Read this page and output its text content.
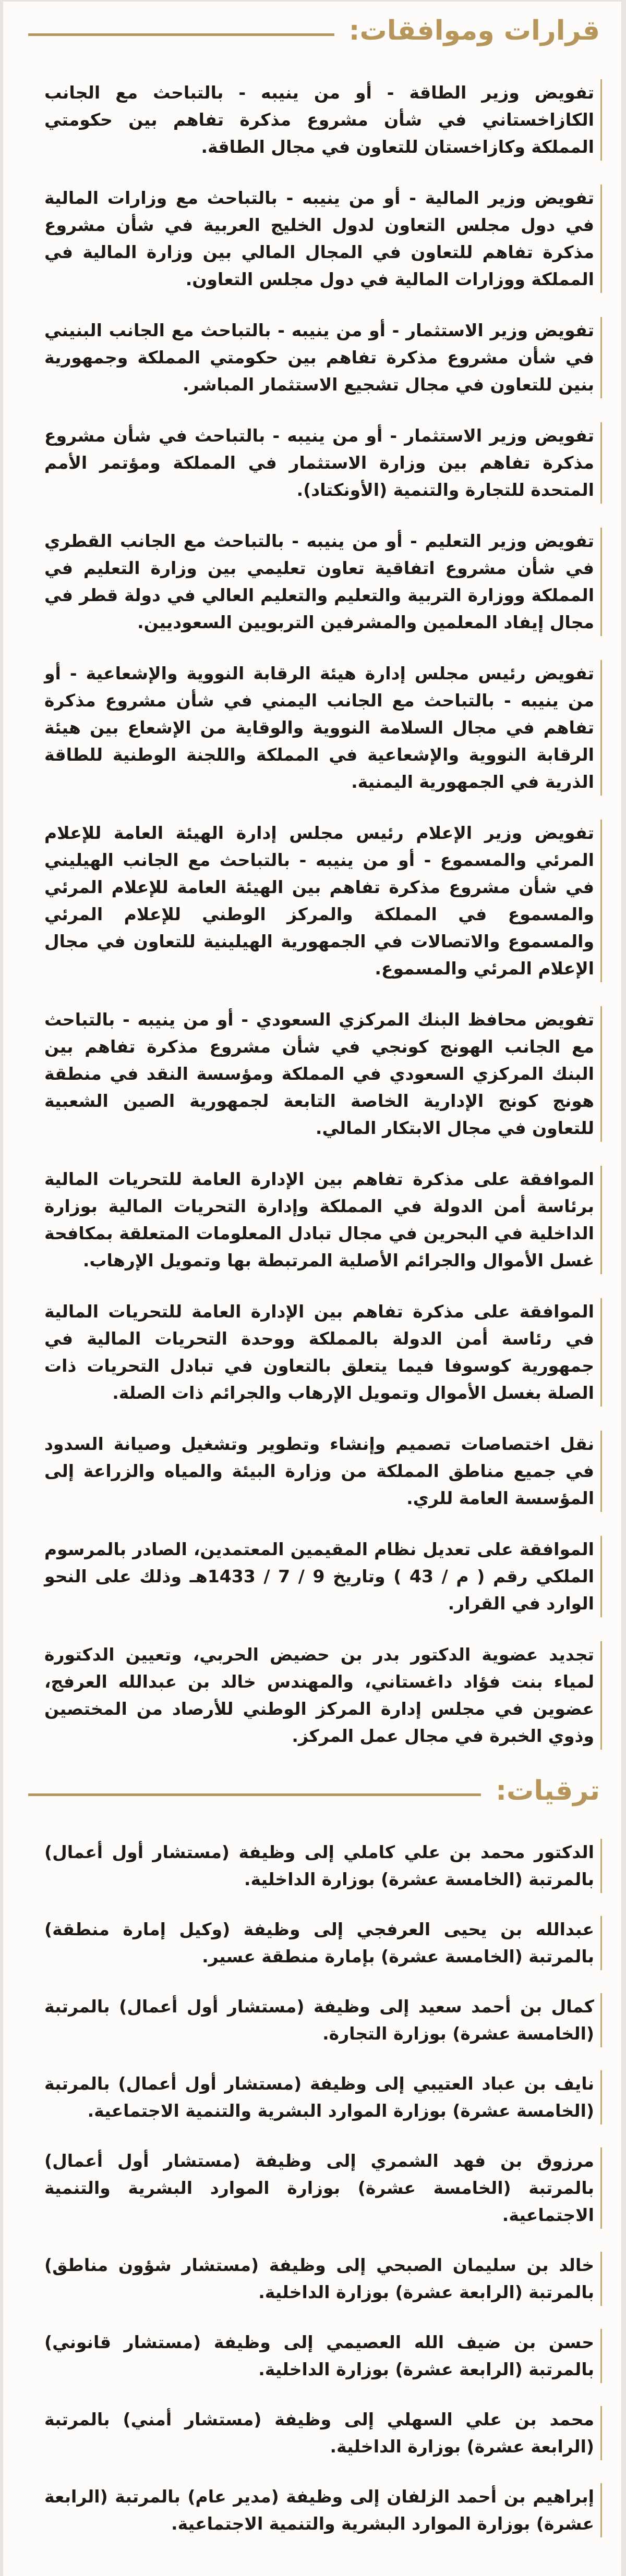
قرارات وموافقات:

تفويض وزير الطاقة - أو من ينيبه - بالتباحث مع الجانب الكازاخستاني في شأن مشروع مذكرة تفاهم بين حكومتي المملكة وكازاخستان للتعاون في مجال الطاقة.

تفويض وزير المالية - أو من ينيبه - بالتباحث مع وزارات المالية في دول مجلس التعاون لدول الخليج العربية في شأن مشروع مذكرة تفاهم للتعاون في المجال المالي بين وزارة المالية في المملكة ووزارات المالية في دول مجلس التعاون.

تفويض وزير الاستثمار - أو من ينيبه - بالتباحث مع الجانب البنيني في شأن مشروع مذكرة تفاهم بين حكومتي المملكة وجمهورية بنين للتعاون في مجال تشجيع الاستثمار المباشر.

تفويض وزير الاستثمار - أو من ينيبه - بالتباحث في شأن مشروع مذكرة تفاهم بين وزارة الاستثمار في المملكة ومؤتمر الأمم المتحدة للتجارة والتنمية (الأونكتاد).

تفويض وزير التعليم - أو من ينيبه - بالتباحث مع الجانب القطري في شأن مشروع اتفاقية تعاون تعليمي بين وزارة التعليم في المملكة ووزارة التربية والتعليم والتعليم العالي في دولة قطر في مجال إيفاد المعلمين والمشرفين التربويين السعوديين.

تفويض رئيس مجلس إدارة هيئة الرقابة النووية والإشعاعية - أو من ينيبه - بالتباحث مع الجانب اليمني في شأن مشروع مذكرة تفاهم في مجال السلامة النووية والوقاية من الإشعاع بين هيئة الرقابة النووية والإشعاعية في المملكة واللجنة الوطنية للطاقة الذرية في الجمهورية اليمنية.

تفويض وزير الإعلام رئيس مجلس إدارة الهيئة العامة للإعلام المرئي والمسموع - أو من ينيبه - بالتباحث مع الجانب الهيليني في شأن مشروع مذكرة تفاهم بين الهيئة العامة للإعلام المرئي والمسموع في المملكة والمركز الوطني للإعلام المرئي والمسموع والاتصالات في الجمهورية الهيلينية للتعاون في مجال الإعلام المرئي والمسموع.

تفويض محافظ البنك المركزي السعودي - أو من ينيبه - بالتباحث مع الجانب الهونج كونجي في شأن مشروع مذكرة تفاهم بين البنك المركزي السعودي في المملكة ومؤسسة النقد في منطقة هونج كونج الإدارية الخاصة التابعة لجمهورية الصين الشعبية للتعاون في مجال الابتكار المالي.

الموافقة على مذكرة تفاهم بين الإدارة العامة للتحريات المالية برئاسة أمن الدولة في المملكة وإدارة التحريات المالية بوزارة الداخلية في البحرين في مجال تبادل المعلومات المتعلقة بمكافحة غسل الأموال والجرائم الأصلية المرتبطة بها وتمويل الإرهاب.

الموافقة على مذكرة تفاهم بين الإدارة العامة للتحريات المالية في رئاسة أمن الدولة بالمملكة ووحدة التحريات المالية في جمهورية كوسوفا فيما يتعلق بالتعاون في تبادل التحريات ذات الصلة بغسل الأموال وتمويل الإرهاب والجرائم ذات الصلة.

نقل اختصاصات تصميم وإنشاء وتطوير وتشغيل وصيانة السدود في جميع مناطق المملكة من وزارة البيئة والمياه والزراعة إلى المؤسسة العامة للري.

الموافقة على تعديل نظام المقيمين المعتمدين، الصادر بالمرسوم الملكي رقم ( م / 43 ) وتاريخ 9 / 7 / 1433هـ وذلك على النحو الوارد في القرار.

تجديد عضوية الدكتور بدر بن حضيض الحربي، وتعيين الدكتورة لمياء بنت فؤاد داغستاني، والمهندس خالد بن عبدالله العرفج، عضوين في مجلس إدارة المركز الوطني للأرصاد من المختصين وذوي الخبرة في مجال عمل المركز.

ترقيات:

الدكتور محمد بن علي كاملي إلى وظيفة (مستشار أول أعمال) بالمرتبة (الخامسة عشرة) بوزارة الداخلية.

عبدالله بن يحيى العرفجي إلى وظيفة (وكيل إمارة منطقة) بالمرتبة (الخامسة عشرة) بإمارة منطقة عسير.

كمال بن أحمد سعيد إلى وظيفة (مستشار أول أعمال) بالمرتبة (الخامسة عشرة) بوزارة التجارة.

نايف بن عباد العتيبي إلى وظيفة (مستشار أول أعمال) بالمرتبة (الخامسة عشرة) بوزارة الموارد البشرية والتنمية الاجتماعية.

مرزوق بن فهد الشمري إلى وظيفة (مستشار أول أعمال) بالمرتبة (الخامسة عشرة) بوزارة الموارد البشرية والتنمية الاجتماعية.

خالد بن سليمان الصبحي إلى وظيفة (مستشار شؤون مناطق) بالمرتبة (الرابعة عشرة) بوزارة الداخلية.

حسن بن ضيف الله العصيمي إلى وظيفة (مستشار قانوني) بالمرتبة (الرابعة عشرة) بوزارة الداخلية.

محمد بن علي السهلي إلى وظيفة (مستشار أمني) بالمرتبة (الرابعة عشرة) بوزارة الداخلية.

إبراهيم بن أحمد الزلفان إلى وظيفة (مدير عام) بالمرتبة (الرابعة عشرة) بوزارة الموارد البشرية والتنمية الاجتماعية.
